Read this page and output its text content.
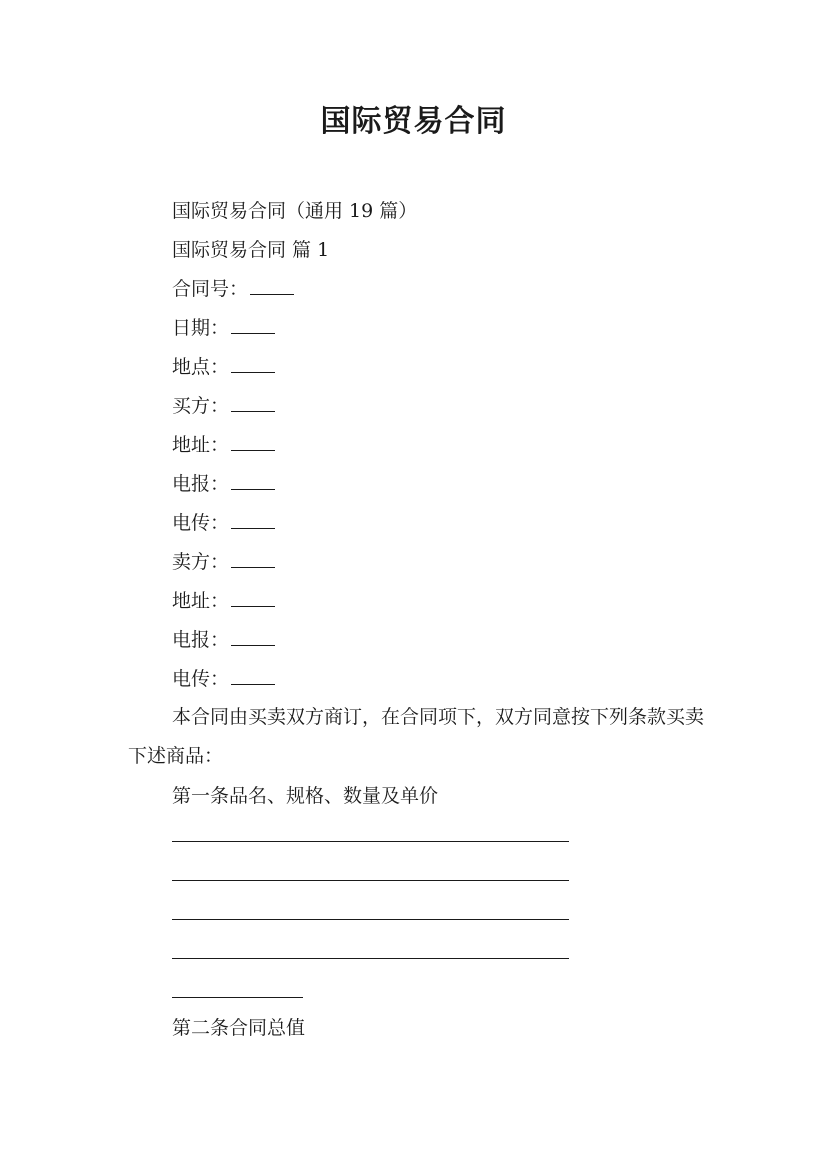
国际贸易合同
国际贸易合同（通用 19 篇）
国际贸易合同 篇 1
合同号：
日期：
地点：
买方：
地址：
电报：
电传：
卖方：
地址：
电报：
电传：
本合同由买卖双方商订，在合同项下，双方同意按下列条款买卖下述商品：
第一条品名、规格、数量及单价
第二条合同总值
